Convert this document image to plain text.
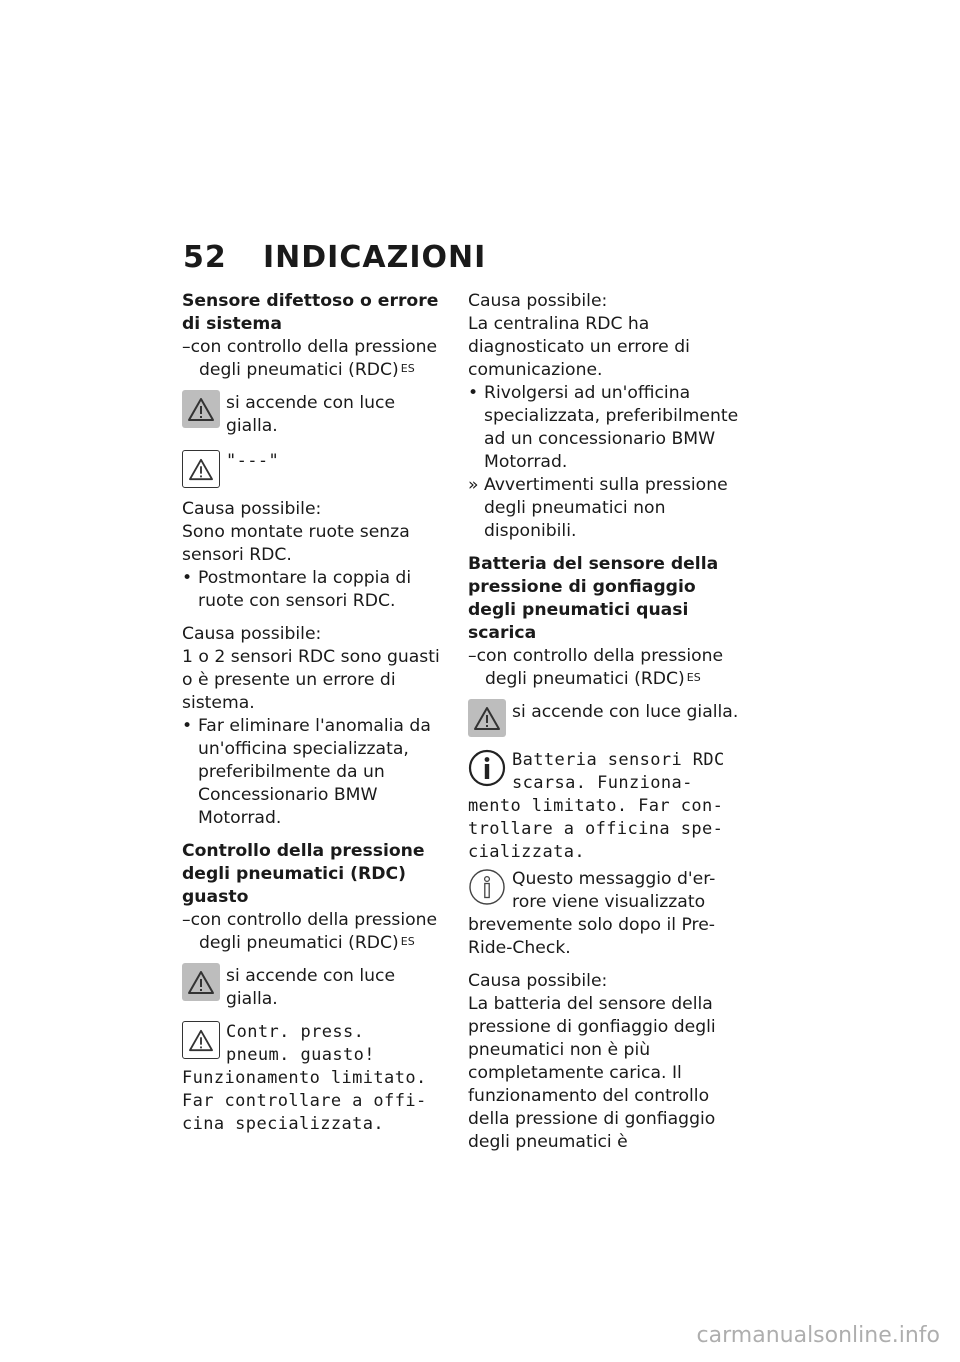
52 INDICAZIONI

Sensore difettoso o errore di sistema

–con controllo della pressione

degli pneumatici (RDC) $^{ES}$

si accende con luce gialla.

"---"

Causa possibile:

Sono montate ruote senza sensori RDC.

• Postmontare la coppia di ruote con sensori RDC.

Causa possibile:

1 o 2 sensori RDC sono guasti o è presente un errore di sistema.

• Far eliminare l'anomalia da un'officina specializzata, preferibilmente da un Concessionario BMW Motorrad.

Controllo della pressione degli pneumatici (RDC) guasto

–con controllo della pressione

degli pneumatici (RDC) $^{ES}$

si accende con luce gialla.

Contr. press.

pneum. guasto!

Funzionamento limitato.

Far controllare a offi-

cina specializzata.

Causa possibile:

La centralina RDC ha diagnosticato un errore di comunicazione.

• Rivolgersi ad un'officina specializzata, preferibilmente ad un concessionario BMW Motorrad.

» Avvertimenti sulla pressione degli pneumatici non disponibili.

Batteria del sensore della pressione di gonfiaggio degli pneumatici quasi scarica

–con controllo della pressione

degli pneumatici (RDC) $^{ES}$

si accende con luce gialla.

Batteria sensori RDC

scarsa. Funziona-

mento limitato. Far con-

trollare a officina spe-

cializzata.

Questo messaggio d'er-

rore viene visualizzato

brevemente solo dopo il Pre-Ride-Check.

Causa possibile:

La batteria del sensore della pressione di gonfiaggio degli pneumatici non è più completamente carica. Il funzionamento del controllo della pressione di gonfiaggio degli pneumatici è

carmanualsonline.info
